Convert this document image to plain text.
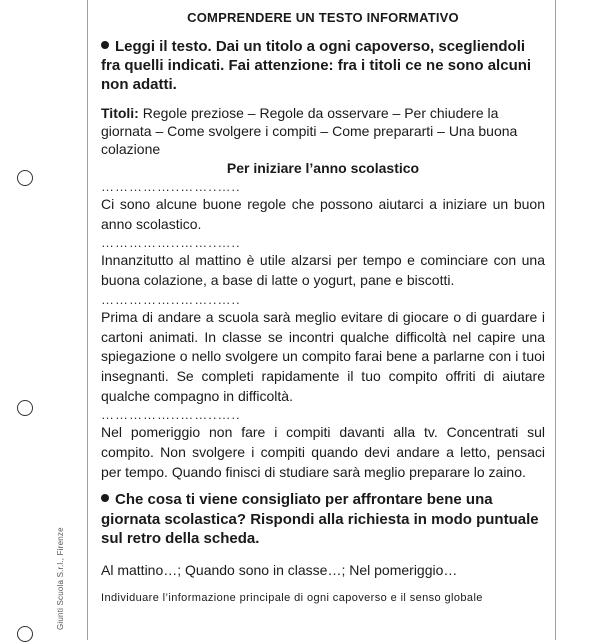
Giunti Scuola S.r.l., Firenze
COMPRENDERE UN TESTO INFORMATIVO

Leggi il testo. Dai un titolo a ogni capoverso, scegliendoli fra quelli indicati. Fai attenzione: fra i titoli ce ne sono alcuni non adatti.

Titoli: Regole preziose – Regole da osservare – Per chiudere la giornata – Come svolgere i compiti – Come prepararti – Una buona colazione

Per iniziare l’anno scolastico
……………..……..…..

Ci sono alcune buone regole che possono aiutarci a iniziare un buon anno scolastico.

……………..……..…..

Innanzitutto al mattino è utile alzarsi per tempo e cominciare con una buona colazione, a base di latte o yogurt, pane e biscotti.

……………..……..…..

Prima di andare a scuola sarà meglio evitare di giocare o di guardare i cartoni animati. In classe se incontri qualche difficoltà nel capire una spiegazione o nello svolgere un compito farai bene a parlarne con i tuoi insegnanti. Se completi rapidamente il tuo compito offriti di aiutare qualche compagno in difficoltà.

……………..……..…..

Nel pomeriggio non fare i compiti davanti alla tv. Concentrati sul compito. Non svolgere i compiti quando devi andare a letto, pensaci per tempo. Quando finisci di studiare sarà meglio preparare lo zaino.

Che cosa ti viene consigliato per affrontare bene una giornata scolastica? Rispondi alla richiesta in modo puntuale sul retro della scheda.

Al mattino…; Quando sono in classe…; Nel pomeriggio…

Individuare l’informazione principale di ogni capoverso e il senso globale
